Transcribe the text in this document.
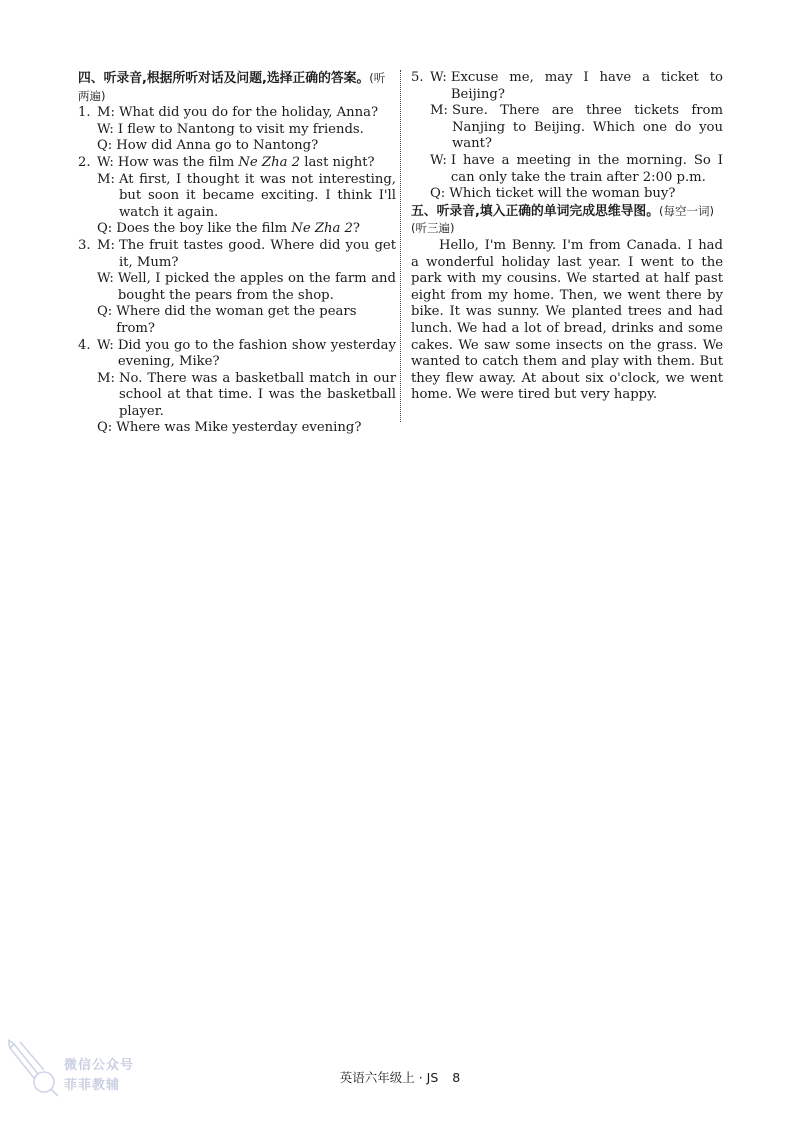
四、听录音,根据所听对话及问题,选择正确的答案。(听两遍)
1. M: What did you do for the holiday, Anna?
W: I flew to Nantong to visit my friends.
Q: How did Anna go to Nantong?
2. W: How was the film Ne Zha 2 last night?
M: At first, I thought it was not interesting, but soon it became exciting. I think I'll watch it again.
Q: Does the boy like the film Ne Zha 2?
3. M: The fruit tastes good. Where did you get it, Mum?
W: Well, I picked the apples on the farm and bought the pears from the shop.
Q: Where did the woman get the pears from?
4. W: Did you go to the fashion show yesterday evening, Mike?
M: No. There was a basketball match in our school at that time. I was the basketball player.
Q: Where was Mike yesterday evening?
5. W: Excuse me, may I have a ticket to Beijing?
M: Sure. There are three tickets from Nanjing to Beijing. Which one do you want?
W: I have a meeting in the morning. So I can only take the train after 2:00 p.m.
Q: Which ticket will the woman buy?
五、听录音,填入正确的单词完成思维导图。(每空一词)(听三遍)
Hello, I'm Benny. I'm from Canada. I had a wonderful holiday last year. I went to the park with my cousins. We started at half past eight from my home. Then, we went there by bike. It was sunny. We planted trees and had lunch. We had a lot of bread, drinks and some cakes. We saw some insects on the grass. We wanted to catch them and play with them. But they flew away. At about six o'clock, we went home. We were tired but very happy.
微信公众号
菲菲教辅
英语六年级上 · JS 8
